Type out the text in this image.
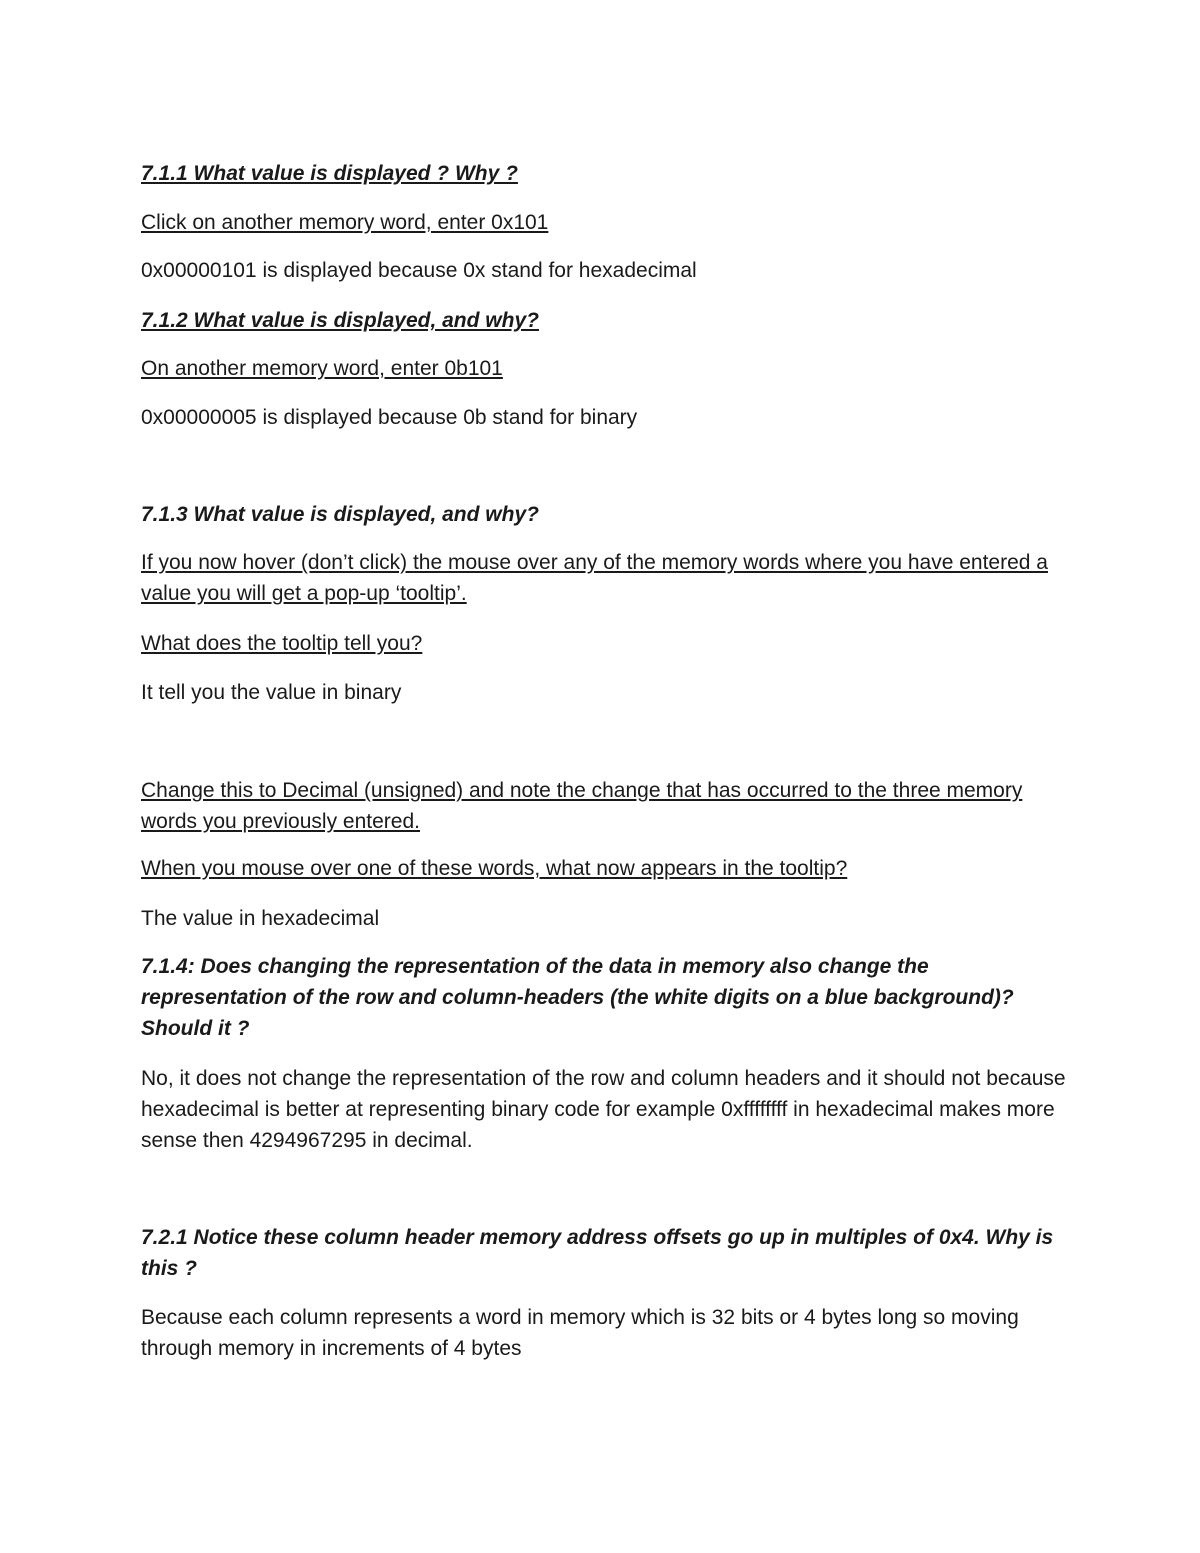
7.1.1 What value is displayed ? Why ?

Click on another memory word, enter 0x101

0x00000101 is displayed because 0x stand for hexadecimal

7.1.2 What value is displayed, and why?

On another memory word, enter 0b101

0x00000005 is displayed because 0b stand for binary

7.1.3 What value is displayed, and why?

If you now hover (don’t click) the mouse over any of the memory words where you have entered a value you will get a pop-up ‘tooltip’.

What does the tooltip tell you?

It tell you the value in binary

Change this to Decimal (unsigned) and note the change that has occurred to the three memory words you previously entered.

When you mouse over one of these words, what now appears in the tooltip?

The value in hexadecimal

7.1.4: Does changing the representation of the data in memory also change the representation of the row and column-headers (the white digits on a blue background)? Should it ?

No, it does not change the representation of the row and column headers and it should not because hexadecimal is better at representing binary code for example 0xffffffff in hexadecimal makes more sense then 4294967295 in decimal.

7.2.1 Notice these column header memory address offsets go up in multiples of 0x4. Why is this ?

Because each column represents a word in memory which is 32 bits or 4 bytes long so moving through memory in increments of 4 bytes
